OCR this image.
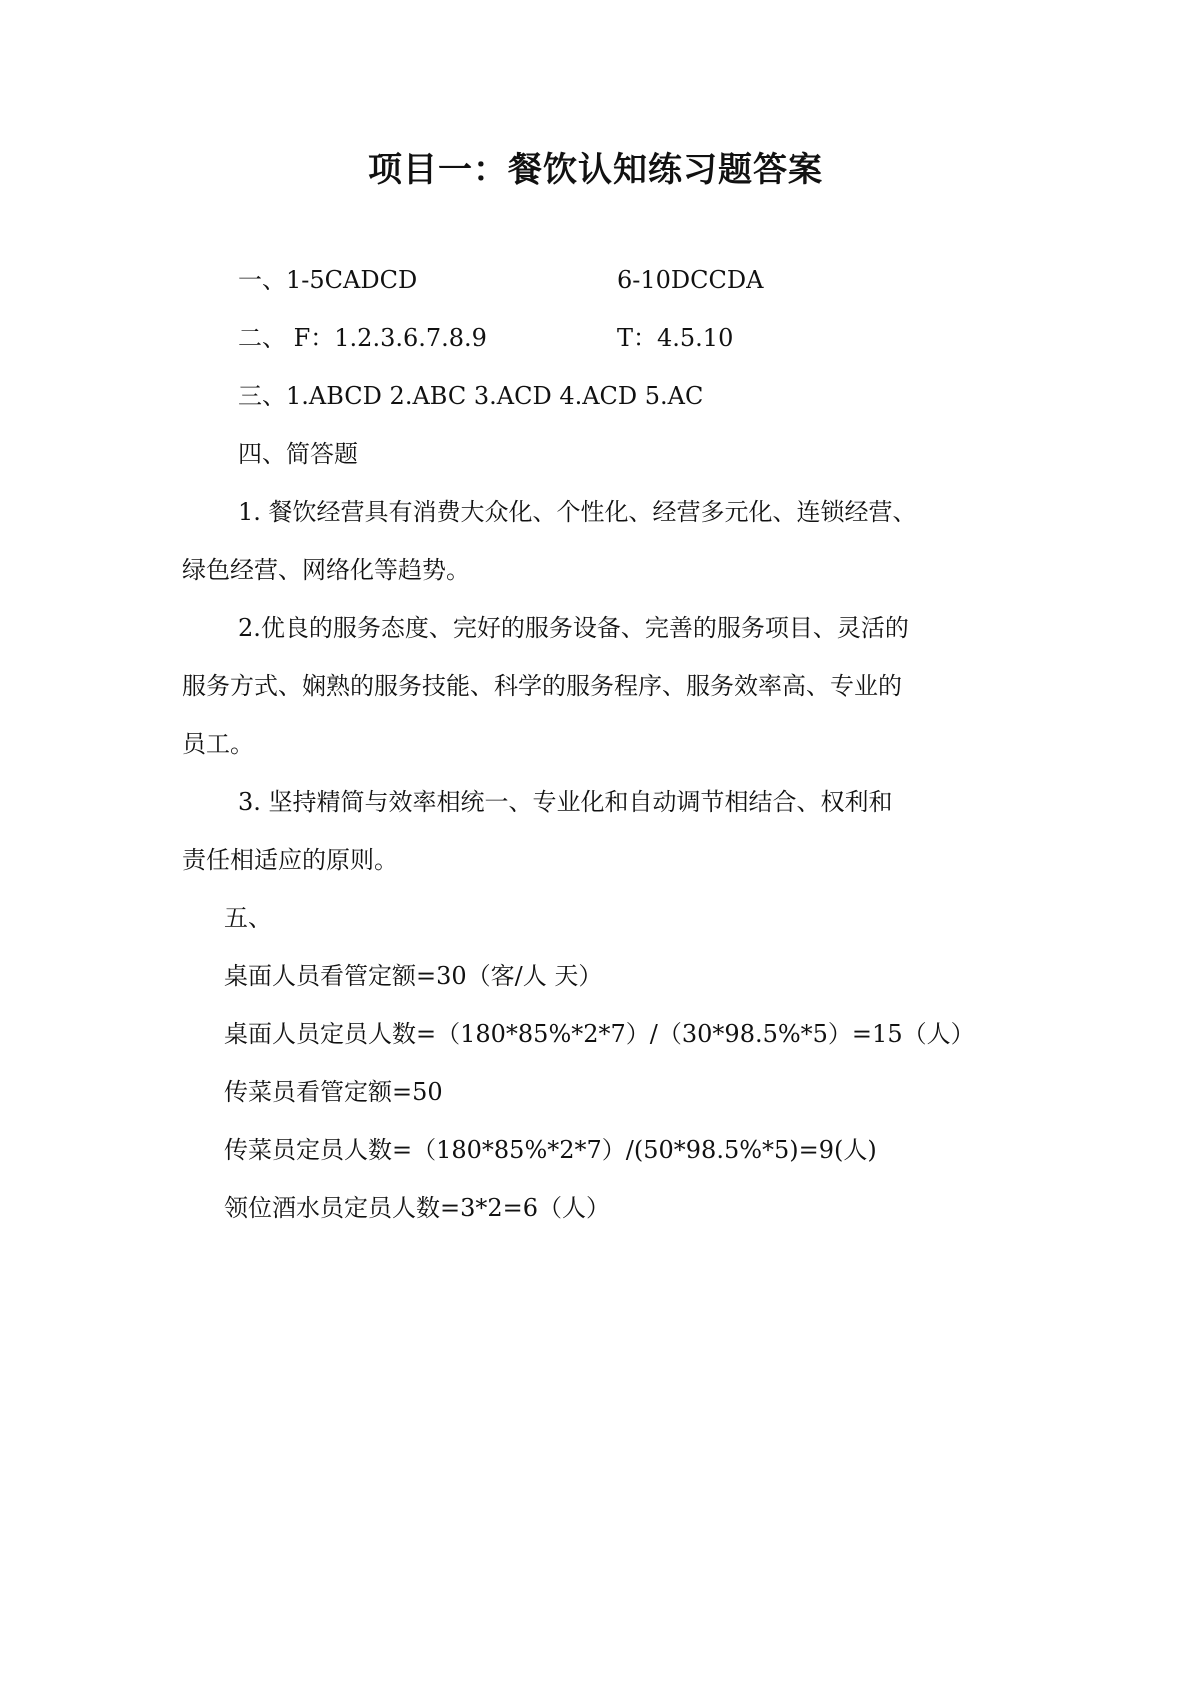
项目一：餐饮认知练习题答案
一、1-5CADCD	6-10DCCDA
二、 F：1.2.3.6.7.8.9	T：4.5.10
三、1.ABCD 2.ABC 3.ACD 4.ACD 5.AC
四、简答题
1. 餐饮经营具有消费大众化、个性化、经营多元化、连锁经营、
绿色经营、网络化等趋势。
2.优良的服务态度、完好的服务设备、完善的服务项目、灵活的
服务方式、娴熟的服务技能、科学的服务程序、服务效率高、专业的
员工。
3. 坚持精简与效率相统一、专业化和自动调节相结合、权利和
责任相适应的原则。
五、
桌面人员看管定额=30（客/人 天）
桌面人员定员人数=（180*85%*2*7）/（30*98.5%*5）=15（人）
传菜员看管定额=50
传菜员定员人数=（180*85%*2*7）/(50*98.5%*5)=9(人)
领位酒水员定员人数=3*2=6（人）
